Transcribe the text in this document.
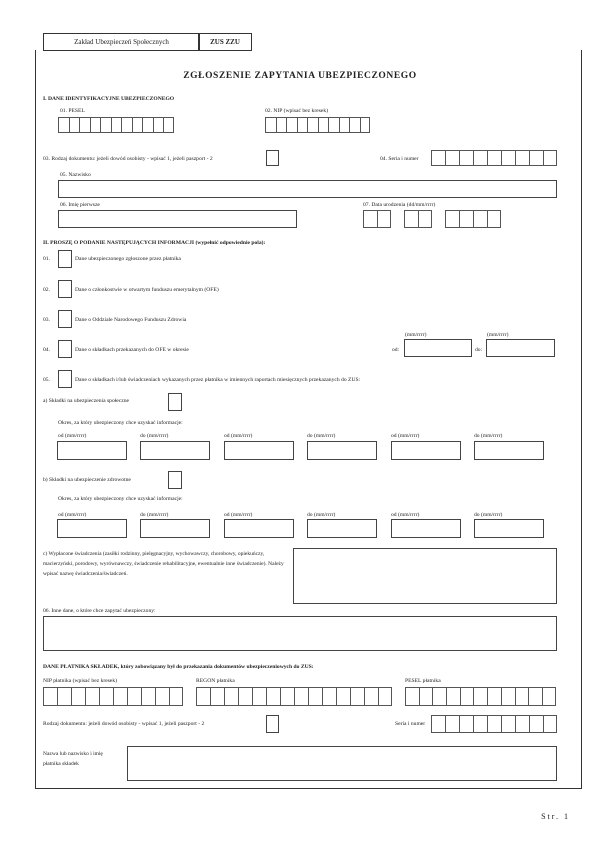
Zakład Ubezpieczeń Społecznych	ZUS ZZU
ZGŁOSZENIE ZAPYTANIA UBEZPIECZONEGO
I. DANE IDENTYFIKACYJNE UBEZPIECZONEGO
01. PESEL	02. NIP (wpisać bez kresek)
03. Rodzaj dokumentu: jeżeli dowód osobisty - wpisać 1, jeżeli paszport - 2	04. Seria i numer
05. Nazwisko
06. Imię pierwsze	07. Data urodzenia (dd/mm/rrrr)
II. PROSZĘ O PODANIE NASTĘPUJĄCYCH INFORMACJI (wypełnić odpowiednie pola):
01.	Dane ubezpieczonego zgłoszone przez płatnika
02.	Dane o członkostwie w otwartym funduszu emerytalnym (OFE)
03.	Dane o Oddziale Narodowego Funduszu Zdrowia
04.	Dane o składkach przekazanych do OFE w okresie
(mm/rrrr)	(mm/rrrr)
od:	do:
05.	Dane o składkach i/lub świadczeniach wykazanych przez płatnika w imiennych raportach miesięcznych przekazanych do ZUS:
a) Składki na ubezpieczenia społeczne
Okres, za który ubezpieczony chce uzyskać informacje:
od (mm/rrrr)	do (mm/rrrr)	od (mm/rrrr)	do (mm/rrrr)	od (mm/rrrr)	do (mm/rrrr)
b) Składki na ubezpieczenie zdrowotne
Okres, za który ubezpieczony chce uzyskać informacje:
od (mm/rrrr)	do (mm/rrrr)	od (mm/rrrr)	do (mm/rrrr)	od (mm/rrrr)	do (mm/rrrr)
c) Wypłacone świadczenia (zasiłki rodzinny, pielęgnacyjny, wychowawczy, chorobowy, opiekuńczy, macierzyński, porodowy, wyrównawczy, świadczenie rehabilitacyjne, ewentualnie inne świadczenie). Należy wpisać nazwę świadczenia/świadczeń.
06. Inne dane, o które chce zapytać ubezpieczony:
DANE PŁATNIKA SKŁADEK, który zobowiązany był do przekazania dokumentów ubezpieczeniowych do ZUS:
NIP płatnika (wpisać bez kresek)	REGON płatnika	PESEL płatnika
Rodzaj dokumentu: jeżeli dowód osobisty - wpisać 1, jeżeli paszport - 2	Seria i numer
Nazwa lub nazwisko i imię płatnika składek
Str. 1
